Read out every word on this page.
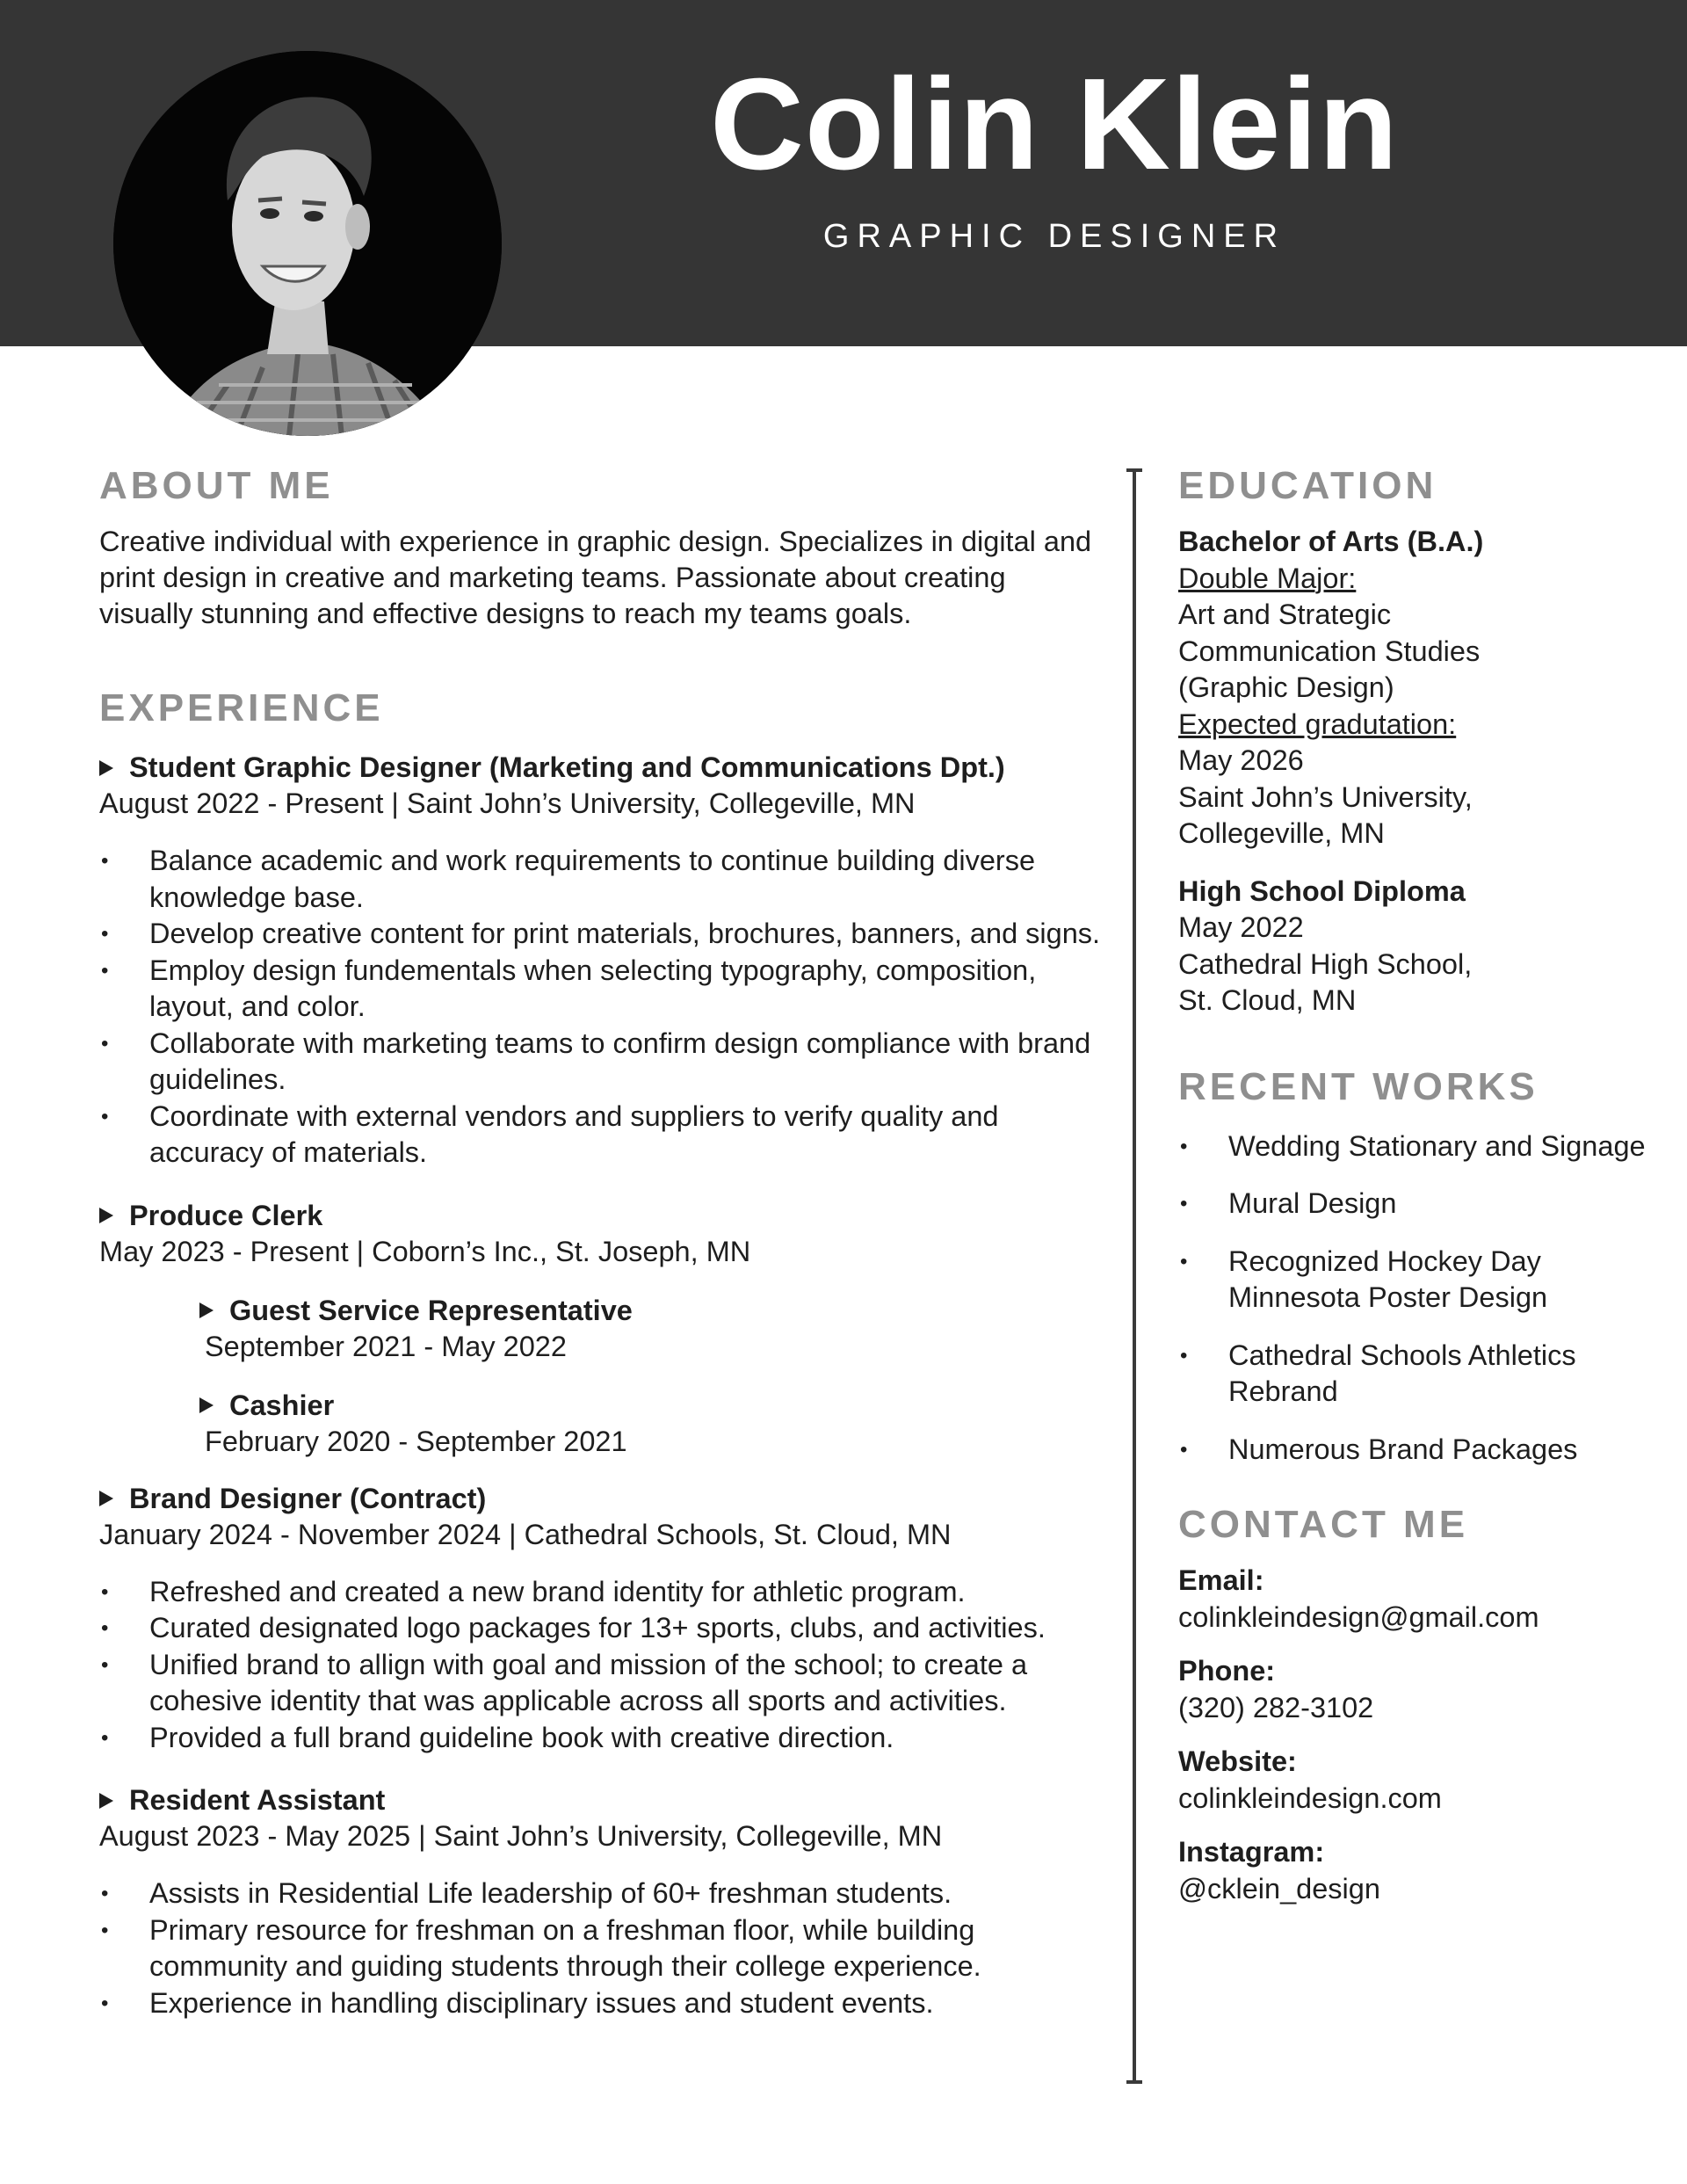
Colin Klein
GRAPHIC DESIGNER
ABOUT ME

Creative individual with experience in graphic design. Specializes in digital and print design in creative and marketing teams. Passionate about creating visually stunning and effective designs to reach my teams goals.

EXPERIENCE
Student Graphic Designer (Marketing and Communications Dpt.)
August 2022 - Present | Saint John’s University, Collegeville, MN
• Balance academic and work requirements to continue building diverse knowledge base.
• Develop creative content for print materials, brochures, banners, and signs.
• Employ design fundementals when selecting typography, composition, layout, and color.
• Collaborate with marketing teams to confirm design compliance with brand guidelines.
• Coordinate with external vendors and suppliers to verify quality and accuracy of materials.
Produce Clerk
May 2023 - Present | Coborn’s Inc., St. Joseph, MN
Guest Service Representative
September 2021 - May 2022
Cashier
February 2020 - September 2021
Brand Designer (Contract)
January 2024 - November 2024 | Cathedral Schools, St. Cloud, MN
• Refreshed and created a new brand identity for athletic program.
• Curated designated logo packages for 13+ sports, clubs, and activities.
• Unified brand to allign with goal and mission of the school; to create a cohesive identity that was applicable across all sports and activities.
• Provided a full brand guideline book with creative direction.
Resident Assistant
August 2023 - May 2025 | Saint John’s University, Collegeville, MN
• Assists in Residential Life leadership of 60+ freshman students.
• Primary resource for freshman on a freshman floor, while building community and guiding students through their college experience.
• Experience in handling disciplinary issues and student events.
EDUCATION
Bachelor of Arts (B.A.)
Double Major:
Art and Strategic
Communication Studies
(Graphic Design)
Expected gradutation:
May 2026
Saint John’s University,
Collegeville, MN
High School Diploma
May 2022
Cathedral High School,
St. Cloud, MN
RECENT WORKS
• Wedding Stationary and Signage
• Mural Design
• Recognized Hockey Day Minnesota Poster Design
• Cathedral Schools Athletics Rebrand
• Numerous Brand Packages
CONTACT ME
Email:
colinkleindesign@gmail.com
Phone:
(320) 282-3102
Website:
colinkleindesign.com
Instagram:
@cklein_design
